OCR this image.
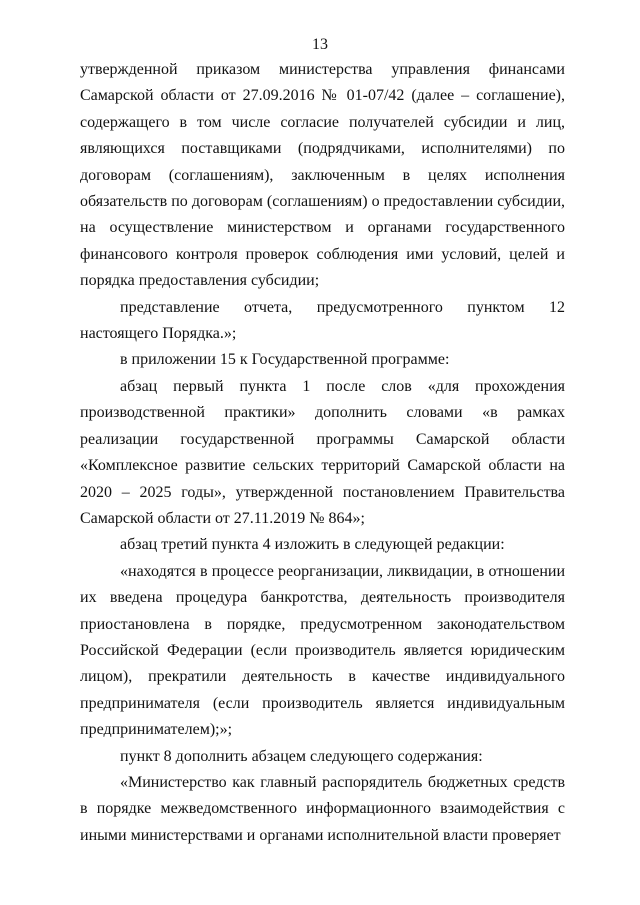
13

утвержденной приказом министерства управления финансами Самарской области от 27.09.2016 № 01-07/42 (далее – соглашение), содержащего в том числе согласие получателей субсидии и лиц, являющихся поставщиками (подрядчиками, исполнителями) по договорам (соглашениям), заключенным в целях исполнения обязательств по договорам (соглашениям) о предоставлении субсидии, на осуществление министерством и органами государственного финансового контроля проверок соблюдения ими условий, целей и порядка предоставления субсидии;

представление отчета, предусмотренного пунктом 12 настоящего Порядка.»;

в приложении 15 к Государственной программе:

абзац первый пункта 1 после слов «для прохождения производственной практики» дополнить словами «в рамках реализации государственной программы Самарской области «Комплексное развитие сельских территорий Самарской области на 2020 – 2025 годы», утвержденной постановлением Правительства Самарской области от 27.11.2019 № 864»;

абзац третий пункта 4 изложить в следующей редакции:

«находятся в процессе реорганизации, ликвидации, в отношении их введена процедура банкротства, деятельность производителя приостановлена в порядке, предусмотренном законодательством Российской Федерации (если производитель является юридическим лицом), прекратили деятельность в качестве индивидуального предпринимателя (если производитель является индивидуальным предпринимателем);»;

пункт 8 дополнить абзацем следующего содержания:

«Министерство как главный распорядитель бюджетных средств в порядке межведомственного информационного взаимодействия с иными министерствами и органами исполнительной власти проверяет
